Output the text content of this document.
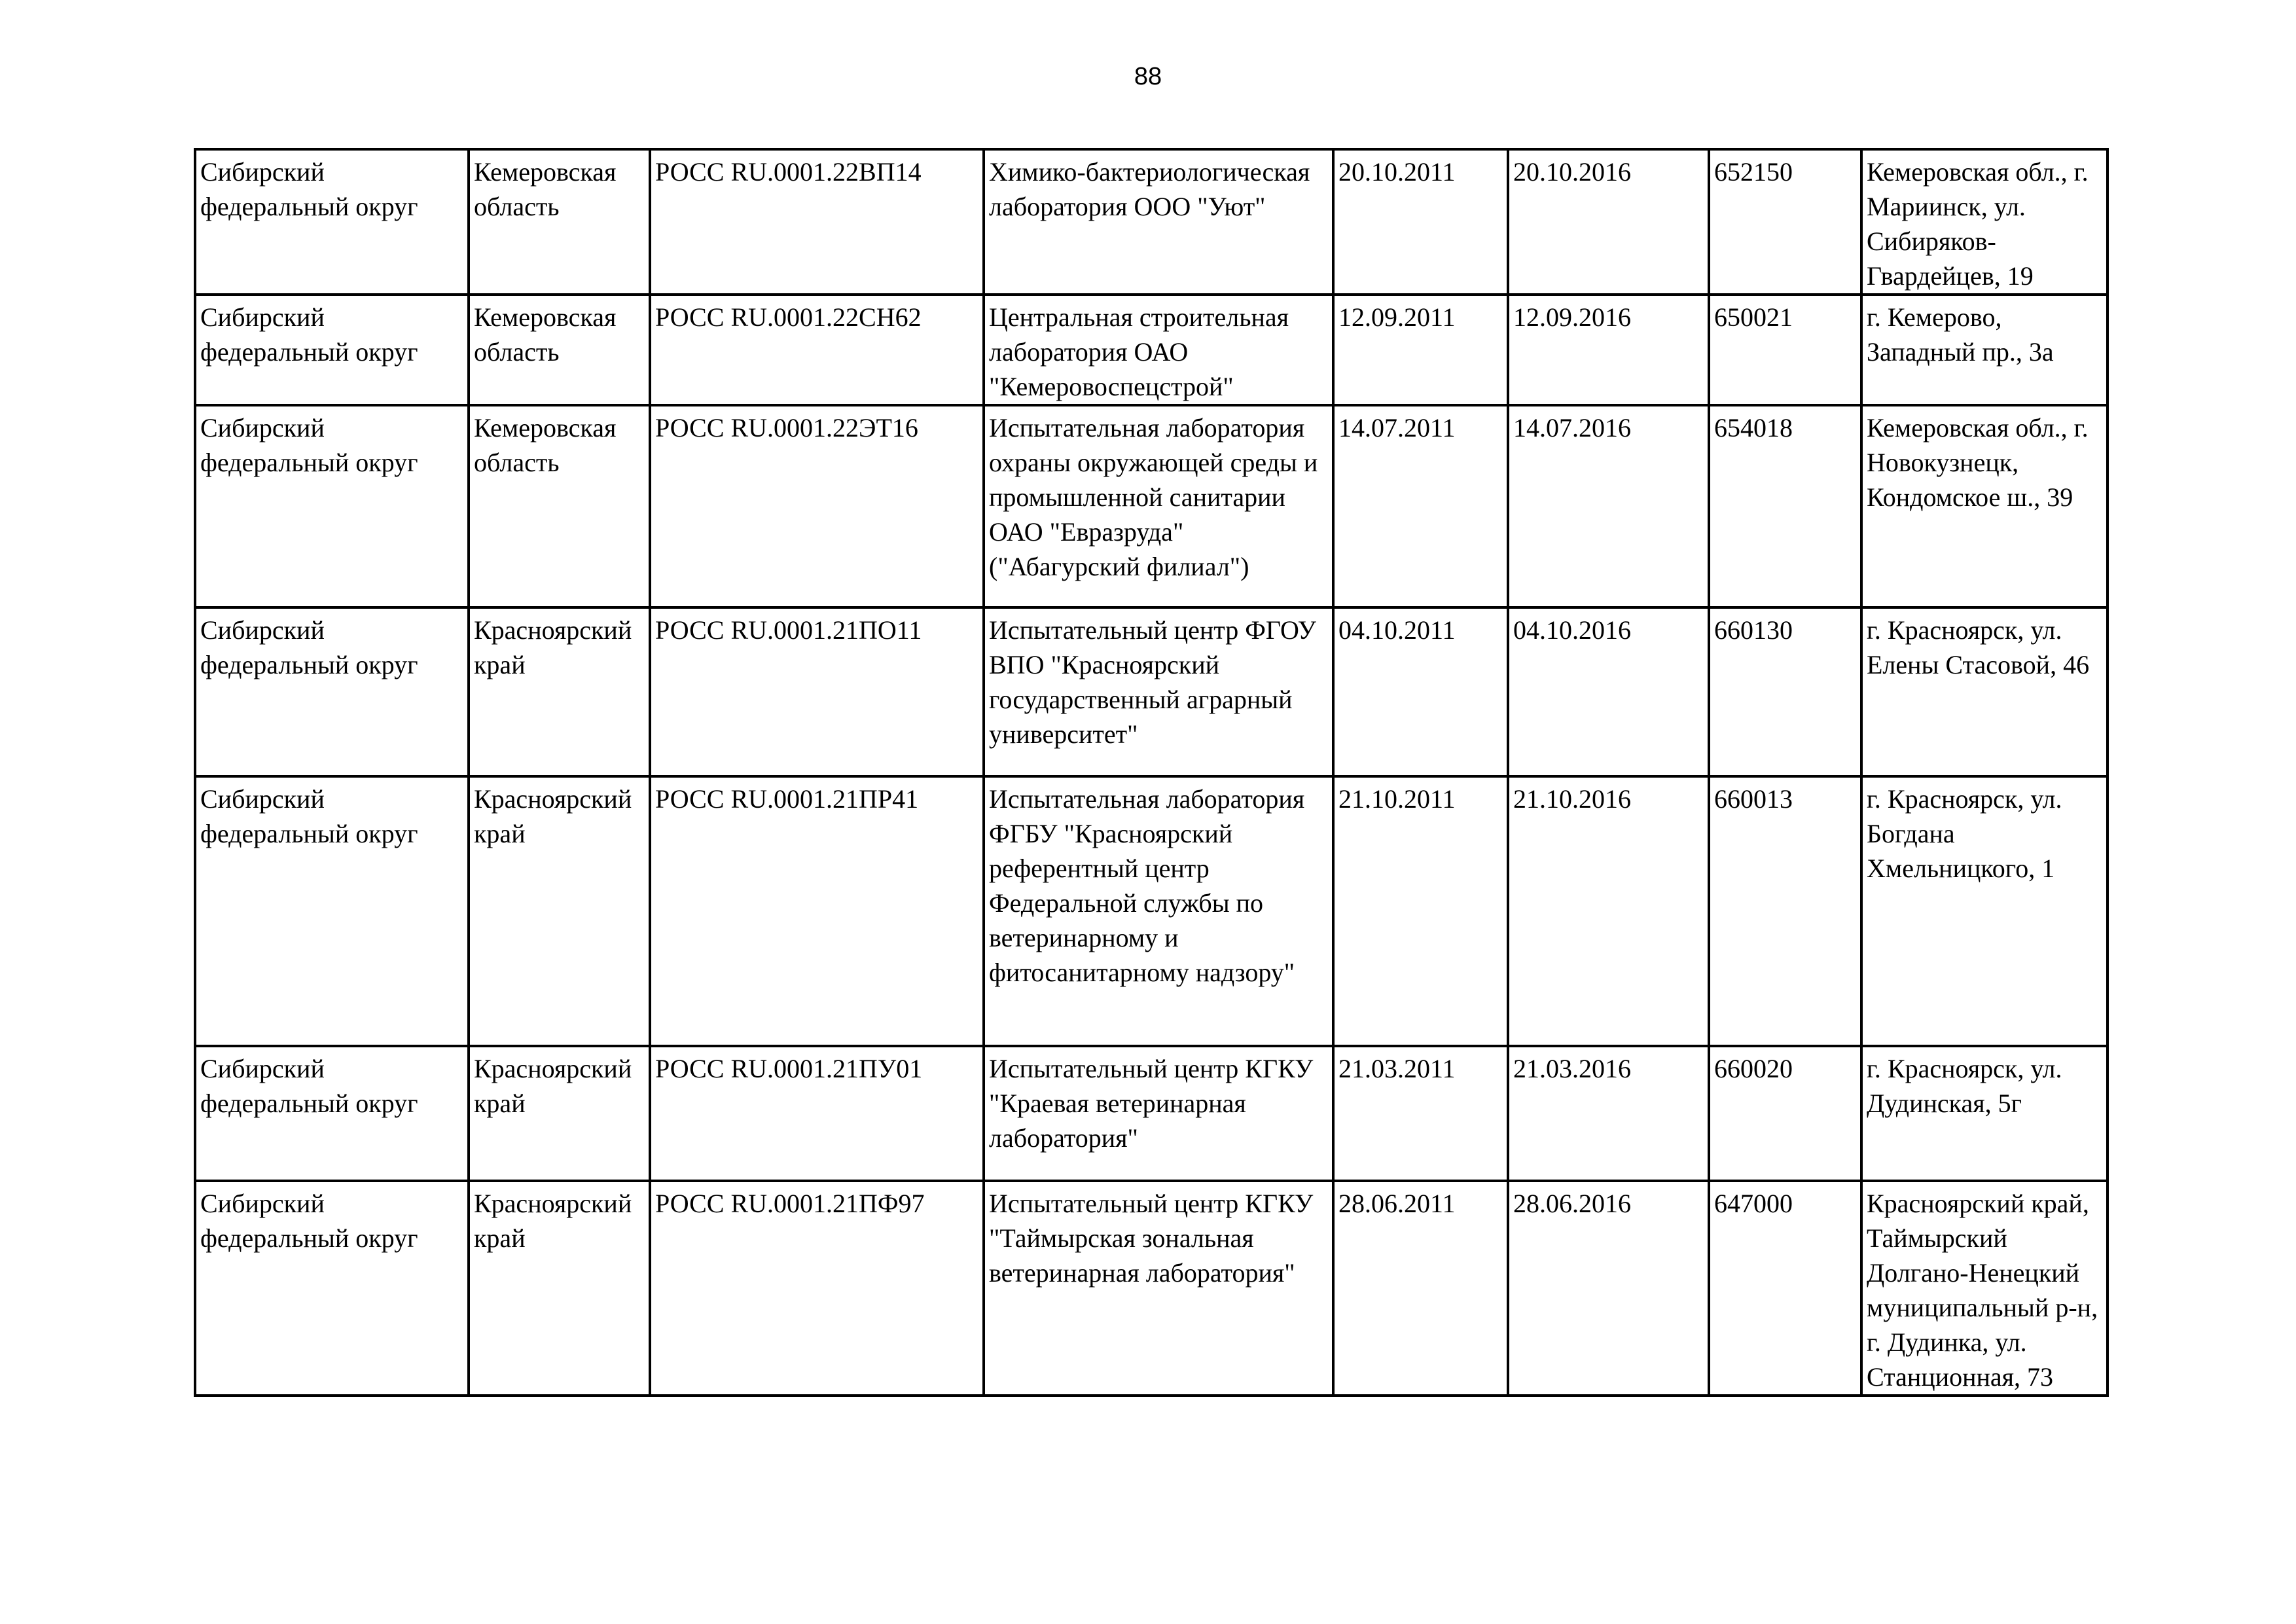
88
Сибирский федеральный округ	Кемеровская область	РОСС RU.0001.22ВП14	Химико-бактериологическая лаборатория ООО "Уют"	20.10.2011	20.10.2016	652150	Кемеровская обл., г. Мариинск, ул. Сибиряков-Гвардейцев, 19
Сибирский федеральный округ	Кемеровская область	РОСС RU.0001.22СН62	Центральная строительная лаборатория ОАО "Кемеровоспецстрой"	12.09.2011	12.09.2016	650021	г. Кемерово, Западный пр., 3а
Сибирский федеральный округ	Кемеровская область	РОСС RU.0001.22ЭТ16	Испытательная лаборатория охраны окружающей среды и промышленной санитарии ОАО "Евразруда" ("Абагурский филиал")	14.07.2011	14.07.2016	654018	Кемеровская обл., г. Новокузнецк, Кондомское ш., 39
Сибирский федеральный округ	Красноярский край	РОСС RU.0001.21ПО11	Испытательный центр ФГОУ ВПО "Красноярский государственный аграрный университет"	04.10.2011	04.10.2016	660130	г. Красноярск, ул. Елены Стасовой, 46
Сибирский федеральный округ	Красноярский край	РОСС RU.0001.21ПР41	Испытательная лаборатория ФГБУ "Красноярский референтный центр Федеральной службы по ветеринарному и фитосанитарному надзору"	21.10.2011	21.10.2016	660013	г. Красноярск, ул. Богдана Хмельницкого, 1
Сибирский федеральный округ	Красноярский край	РОСС RU.0001.21ПУ01	Испытательный центр КГКУ "Краевая ветеринарная лаборатория"	21.03.2011	21.03.2016	660020	г. Красноярск, ул. Дудинская, 5г
Сибирский федеральный округ	Красноярский край	РОСС RU.0001.21ПФ97	Испытательный центр КГКУ "Таймырская зональная ветеринарная лаборатория"	28.06.2011	28.06.2016	647000	Красноярский край, Таймырский Долгано-Ненецкий муниципальный р-н, г. Дудинка, ул. Станционная, 73
